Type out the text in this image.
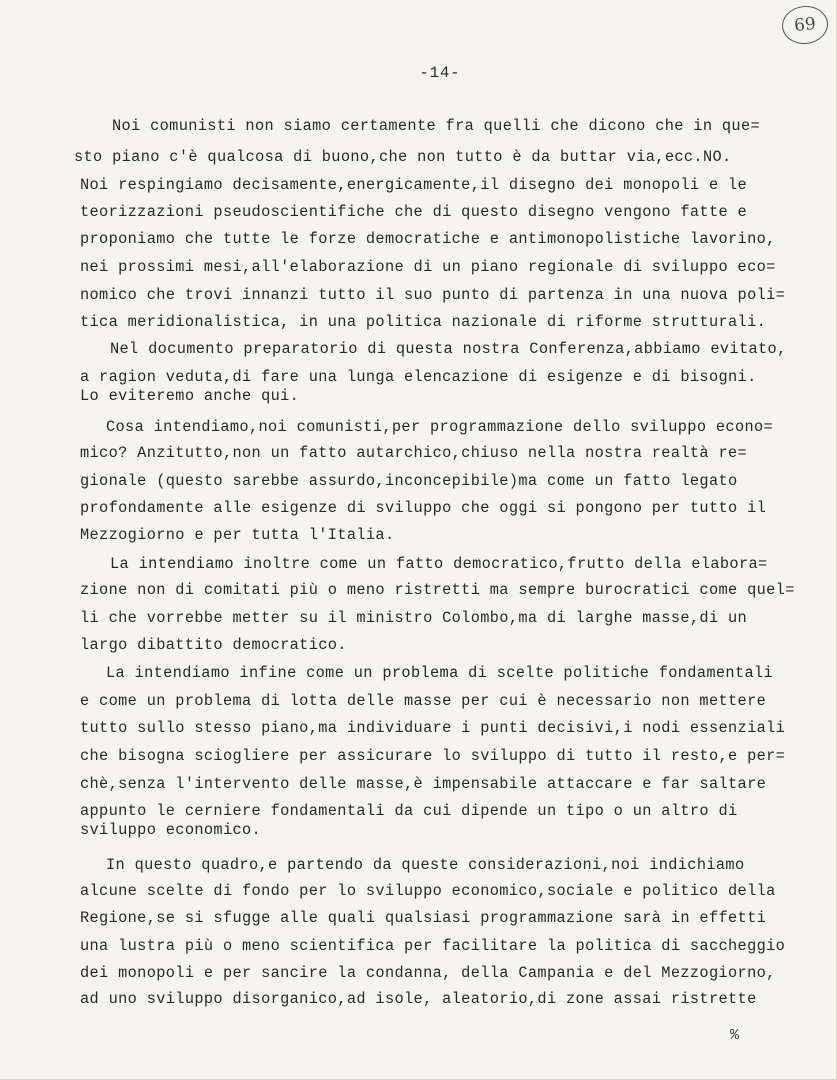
69
-14-
Noi comunisti non siamo certamente fra quelli che dicono che in que=
sto piano c'è qualcosa di buono,che non tutto è da buttar via,ecc.NO.
Noi respingiamo decisamente,energicamente,il disegno dei monopoli e le
teorizzazioni pseudoscientifiche che di questo disegno vengono fatte e
proponiamo che tutte le forze democratiche e antimonopolistiche lavorino,
nei prossimi mesi,all'elaborazione di un piano regionale di sviluppo eco=
nomico che trovi innanzi tutto il suo punto di partenza in una nuova poli=
tica meridionalistica, in una politica nazionale di riforme strutturali.
Nel documento preparatorio di questa nostra Conferenza,abbiamo evitato,
a ragion veduta,di fare una lunga elencazione di esigenze e di bisogni.
Lo eviteremo anche qui.
Cosa intendiamo,noi comunisti,per programmazione dello sviluppo econo=
mico? Anzitutto,non un fatto autarchico,chiuso nella nostra realtà re=
gionale (questo sarebbe assurdo,inconcepibile)ma come un fatto legato
profondamente alle esigenze di sviluppo che oggi si pongono per tutto il
Mezzogiorno e per tutta l'Italia.
La intendiamo inoltre come un fatto democratico,frutto della elabora=
zione non di comitati più o meno ristretti ma sempre burocratici come quel=
li che vorrebbe metter su il ministro Colombo,ma di larghe masse,di un
largo dibattito democratico.
La intendiamo infine come un problema di scelte politiche fondamentali
e come un problema di lotta delle masse per cui è necessario non mettere
tutto sullo stesso piano,ma individuare i punti decisivi,i nodi essenziali
che bisogna sciogliere per assicurare lo sviluppo di tutto il resto,e per=
chè,senza l'intervento delle masse,è impensabile attaccare e far saltare
appunto le cerniere fondamentali da cui dipende un tipo o un altro di
sviluppo economico.
In questo quadro,e partendo da queste considerazioni,noi indichiamo
alcune scelte di fondo per lo sviluppo economico,sociale e politico della
Regione,se si sfugge alle quali qualsiasi programmazione sarà in effetti
una lustra più o meno scientifica per facilitare la politica di saccheggio
dei monopoli e per sancire la condanna, della Campania e del Mezzogiorno,
ad uno sviluppo disorganico,ad isole, aleatorio,di zone assai ristrette
%
